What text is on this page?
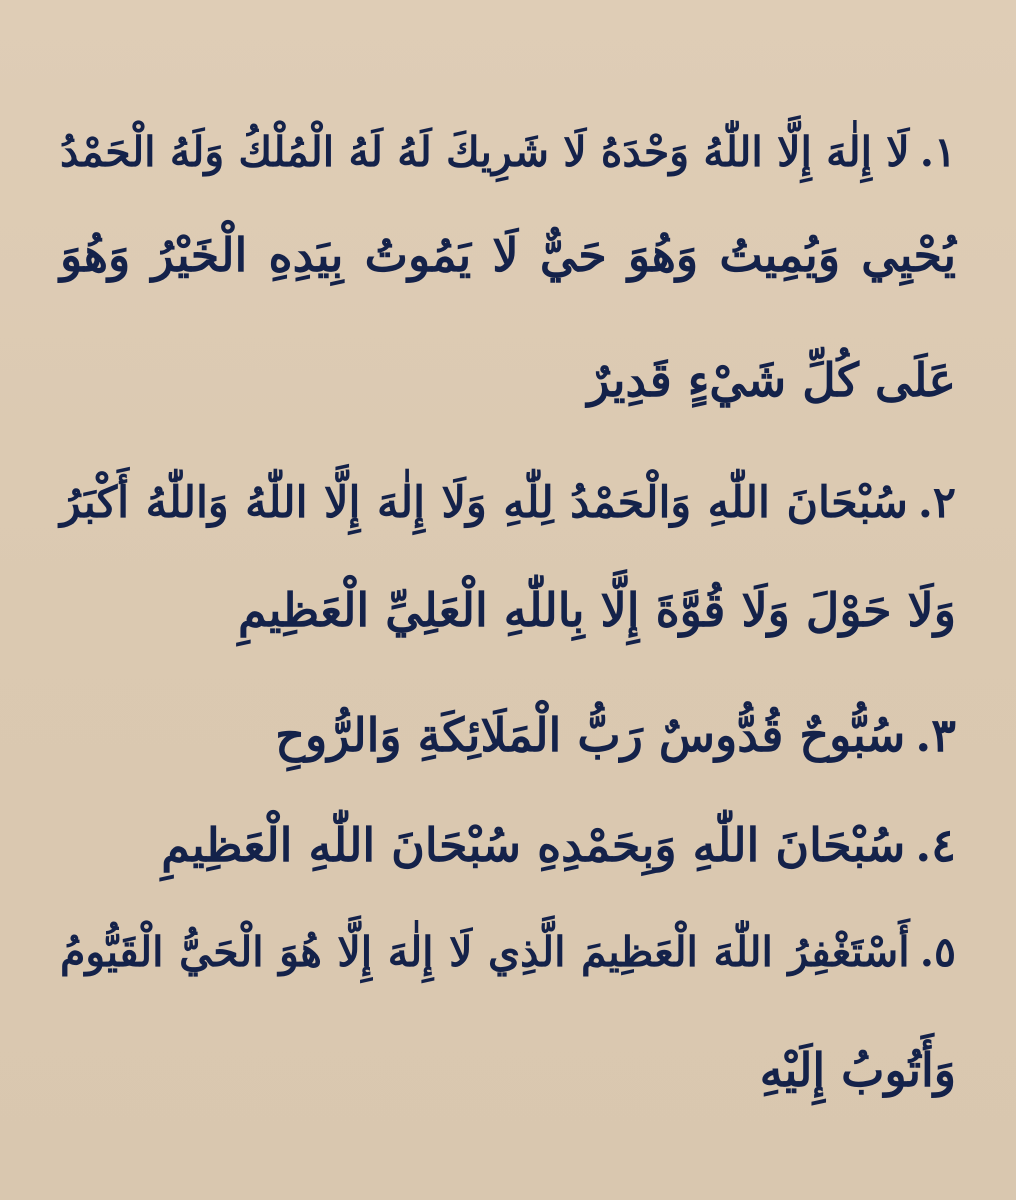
١.لَا إِلٰهَ إِلَّا اللّٰهُ وَحْدَهُ لَا شَرِيكَ لَهُ لَهُ الْمُلْكُ وَلَهُ الْحَمْدُ
يُحْيِي وَيُمِيتُ وَهُوَ حَيٌّ لَا يَمُوتُ بِيَدِهِ الْخَيْرُ وَهُوَ
عَلَى كُلِّ شَيْءٍ قَدِيرٌ
٢.سُبْحَانَ اللّٰهِ وَالْحَمْدُ لِلّٰهِ وَلَا إِلٰهَ إِلَّا اللّٰهُ وَاللّٰهُ أَكْبَرُ
وَلَا حَوْلَ وَلَا قُوَّةَ إِلَّا بِاللّٰهِ الْعَلِيِّ الْعَظِيمِ
٣.سُبُّوحٌ قُدُّوسٌ رَبُّ الْمَلَائِكَةِ وَالرُّوحِ
٤.سُبْحَانَ اللّٰهِ وَبِحَمْدِهِ سُبْحَانَ اللّٰهِ الْعَظِيمِ
٥.أَسْتَغْفِرُ اللّٰهَ الْعَظِيمَ الَّذِي لَا إِلٰهَ إِلَّا هُوَ الْحَيُّ الْقَيُّومُ
وَأَتُوبُ إِلَيْهِ
